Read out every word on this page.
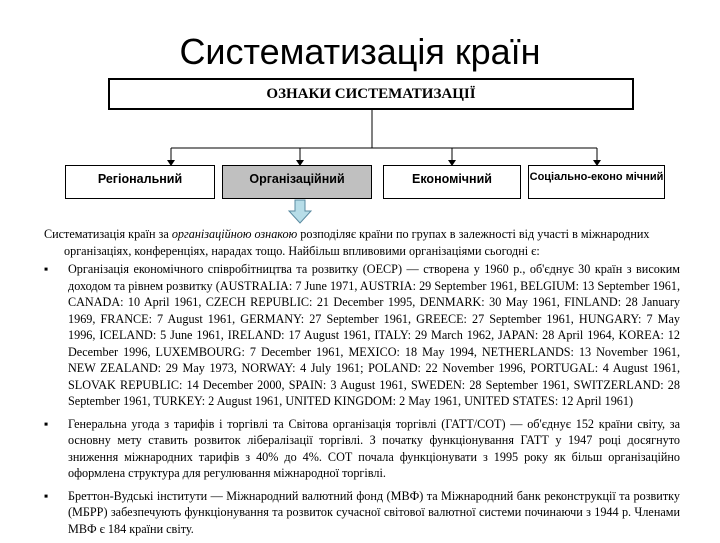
Систематизація країн
ОЗНАКИ СИСТЕМАТИЗАЦІЇ
Регіональний	Організаційний	Економічний	Соціально-еконо мічний

Систематизація країн за організаційною ознакою розподіляє країни по групах в залежності від участі в міжнародних організаціях, конференціях, нарадах тощо. Найбільш впливовими організаціями сьогодні є:

▪ Організація економічного співробітництва та розвитку (ОЕСР) — створена у 1960 р., об'єднує 30 країн з високим доходом та рівнем розвитку (AUSTRALIA: 7 June 1971, AUSTRIA: 29 September 1961, BELGIUM: 13 September 1961, CANADA: 10 April 1961, CZECH REPUBLIC: 21 December 1995, DENMARK: 30 May 1961, FINLAND: 28 January 1969, FRANCE: 7 August 1961, GERMANY: 27 September 1961, GREECE: 27 September 1961, HUNGARY: 7 May 1996, ICELAND: 5 June 1961, IRELAND: 17 August 1961, ITALY: 29 March 1962, JAPAN: 28 April 1964, KOREA: 12 December 1996, LUXEMBOURG: 7 December 1961, MEXICO: 18 May 1994, NETHERLANDS: 13 November 1961, NEW ZEALAND: 29 May 1973, NORWAY: 4 July 1961; POLAND: 22 November 1996, PORTUGAL: 4 August 1961, SLOVAK REPUBLIC: 14 December 2000, SPAIN: 3 August 1961, SWEDEN: 28 September 1961, SWITZERLAND: 28 September 1961, TURKEY: 2 August 1961, UNITED KINGDOM: 2 May 1961, UNITED STATES: 12 April 1961)
▪ Генеральна угода з тарифів і торгівлі та Світова організація торгівлі (ГАТТ/СОТ) — об'єднує 152 країни світу, за основну мету ставить розвиток лібералізації торгівлі. З початку функціонування ГАТТ у 1947 році досягнуто зниження міжнародних тарифів з 40% до 4%. СОТ почала функціонувати з 1995 року як більш організаційно оформлена структура для регулювання міжнародної торгівлі.
▪ Бреттон-Вудські інститути — Міжнародний валютний фонд (МВФ) та Міжнародний банк реконструкції та розвитку (МБРР) забезпечують функціонування та розвиток сучасної світової валютної системи починаючи з 1944 р. Членами МВФ є 184 країни світу.
